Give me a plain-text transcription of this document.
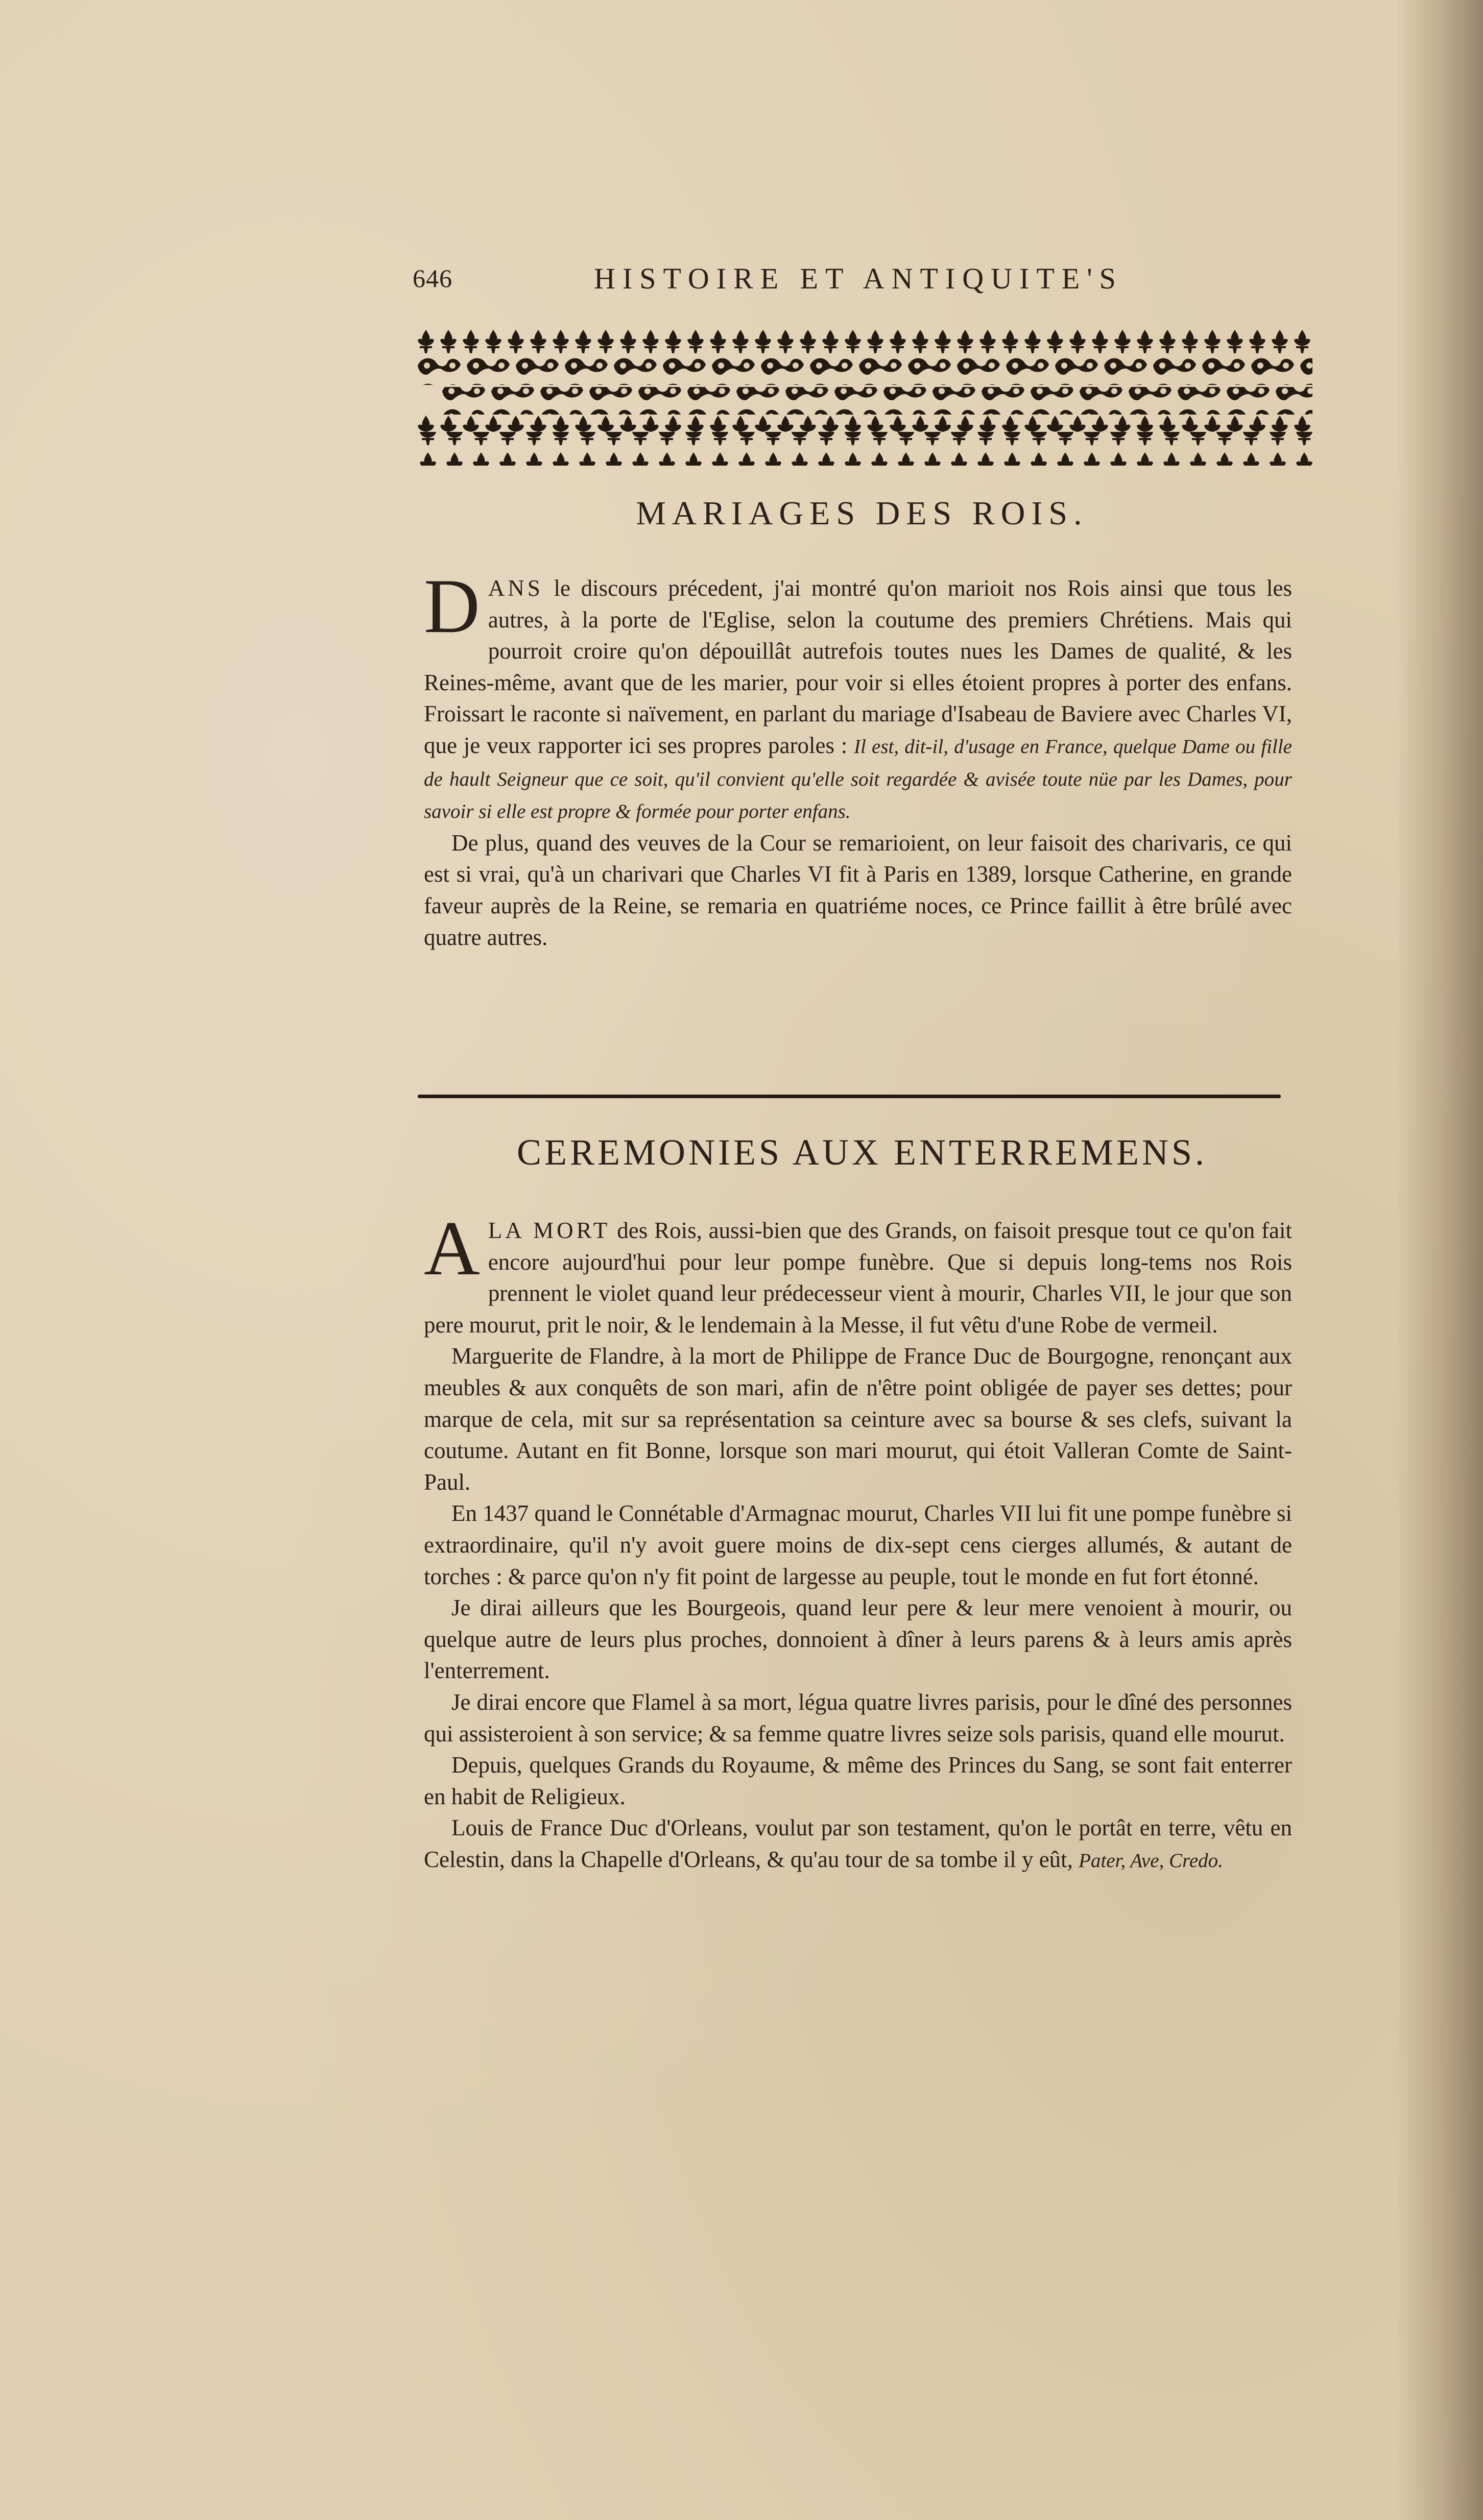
646	HISTOIRE ET ANTIQUITE'S
MARIAGES DES ROIS.

DANS le discours précedent, j'ai montré qu'on marioit nos Rois ainsi que tous les autres, à la porte de l'Eglise, selon la coutume des premiers Chrétiens. Mais qui pourroit croire qu'on dépouillât autrefois toutes nues les Dames de qualité, & les Reines-même, avant que de les marier, pour voir si elles étoient propres à porter des enfans. Froissart le raconte si naïvement, en parlant du mariage d'Isabeau de Baviere avec Charles VI, que je veux rapporter ici ses propres paroles : Il est, dit-il, d'usage en France, quelque Dame ou fille de hault Seigneur que ce soit, qu'il convient qu'elle soit regardée & avisée toute nüe par les Dames, pour savoir si elle est propre & formée pour porter enfans.

De plus, quand des veuves de la Cour se remarioient, on leur faisoit des charivaris, ce qui est si vrai, qu'à un charivari que Charles VI fit à Paris en 1389, lorsque Catherine, en grande faveur auprès de la Reine, se remaria en quatriéme noces, ce Prince faillit à être brûlé avec quatre autres.

CEREMONIES AUX ENTERREMENS.

ALA MORT des Rois, aussi-bien que des Grands, on faisoit presque tout ce qu'on fait encore aujourd'hui pour leur pompe funèbre. Que si depuis long-tems nos Rois prennent le violet quand leur prédecesseur vient à mourir, Charles VII, le jour que son pere mourut, prit le noir, & le lendemain à la Messe, il fut vêtu d'une Robe de vermeil.

Marguerite de Flandre, à la mort de Philippe de France Duc de Bourgogne, renonçant aux meubles & aux conquêts de son mari, afin de n'être point obligée de payer ses dettes; pour marque de cela, mit sur sa représentation sa ceinture avec sa bourse & ses clefs, suivant la coutume. Autant en fit Bonne, lorsque son mari mourut, qui étoit Valleran Comte de Saint-Paul.

En 1437 quand le Connétable d'Armagnac mourut, Charles VII lui fit une pompe funèbre si extraordinaire, qu'il n'y avoit guere moins de dix-sept cens cierges allumés, & autant de torches : & parce qu'on n'y fit point de largesse au peuple, tout le monde en fut fort étonné.

Je dirai ailleurs que les Bourgeois, quand leur pere & leur mere venoient à mourir, ou quelque autre de leurs plus proches, donnoient à dîner à leurs parens & à leurs amis après l'enterrement.

Je dirai encore que Flamel à sa mort, légua quatre livres parisis, pour le dîné des personnes qui assisteroient à son service; & sa femme quatre livres seize sols parisis, quand elle mourut.

Depuis, quelques Grands du Royaume, & même des Princes du Sang, se sont fait enterrer en habit de Religieux.

Louis de France Duc d'Orleans, voulut par son testament, qu'on le portât en terre, vêtu en Celestin, dans la Chapelle d'Orleans, & qu'au tour de sa tombe il y eût, Pater, Ave, Credo.
